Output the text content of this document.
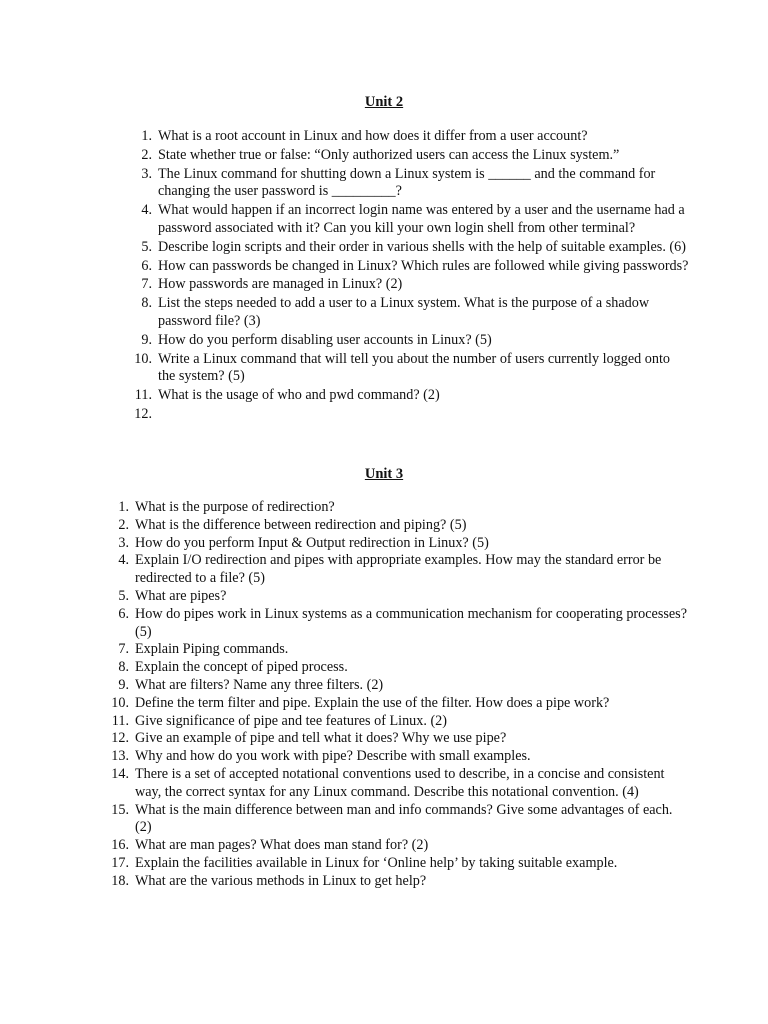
Unit 2
1. What is a root account in Linux and how does it differ from a user account?
2. State whether true or false: “Only authorized users can access the Linux system.”
3. The Linux command for shutting down a Linux system is ______ and the command for changing the user password is _________?
4. What would happen if an incorrect login name was entered by a user and the username had a password associated with it? Can you kill your own login shell from other terminal?
5. Describe login scripts and their order in various shells with the help of suitable examples. (6)
6. How can passwords be changed in Linux? Which rules are followed while giving passwords?
7. How passwords are managed in Linux? (2)
8. List the steps needed to add a user to a Linux system. What is the purpose of a shadow password file? (3)
9. How do you perform disabling user accounts in Linux? (5)
10. Write a Linux command that will tell you about the number of users currently logged onto the system? (5)
11. What is the usage of who and pwd command? (2)
12.
Unit 3
1. What is the purpose of redirection?
2. What is the difference between redirection and piping? (5)
3. How do you perform Input & Output redirection in Linux? (5)
4. Explain I/O redirection and pipes with appropriate examples. How may the standard error be redirected to a file? (5)
5. What are pipes?
6. How do pipes work in Linux systems as a communication mechanism for cooperating processes? (5)
7. Explain Piping commands.
8. Explain the concept of piped process.
9. What are filters? Name any three filters. (2)
10. Define the term filter and pipe. Explain the use of the filter. How does a pipe work?
11. Give significance of pipe and tee features of Linux. (2)
12. Give an example of pipe and tell what it does? Why we use pipe?
13. Why and how do you work with pipe? Describe with small examples.
14. There is a set of accepted notational conventions used to describe, in a concise and consistent way, the correct syntax for any Linux command. Describe this notational convention. (4)
15. What is the main difference between man and info commands? Give some advantages of each. (2)
16. What are man pages? What does man stand for? (2)
17. Explain the facilities available in Linux for ‘Online help’ by taking suitable example.
18. What are the various methods in Linux to get help?
